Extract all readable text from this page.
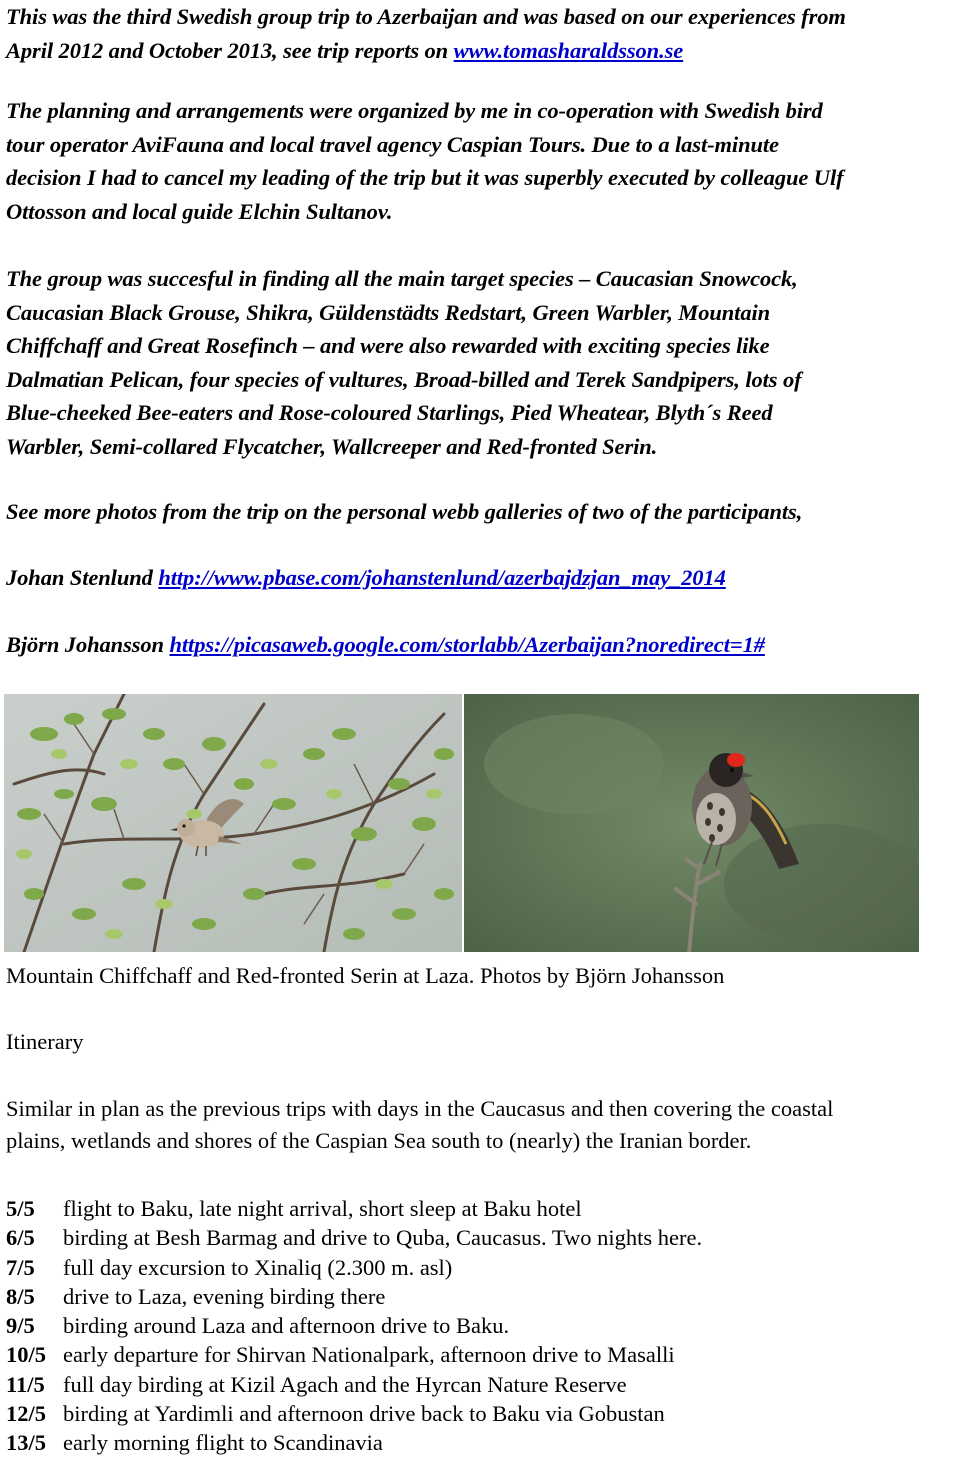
This was the third Swedish group trip to Azerbaijan and was based on our experiences from
April 2012 and October 2013, see trip reports on www.tomasharaldsson.se
The planning and arrangements were organized by me in co-operation with Swedish bird
tour operator AviFauna and local travel agency Caspian Tours. Due to a last-minute
decision I had to cancel my leading of the trip but it was superbly executed by colleague Ulf
Ottosson and local guide Elchin Sultanov.
The group was succesful in finding all the main target species – Caucasian Snowcock,
Caucasian Black Grouse, Shikra, Güldenstädts Redstart, Green Warbler, Mountain
Chiffchaff and Great Rosefinch – and were also rewarded with exciting species like
Dalmatian Pelican, four species of vultures, Broad-billed and Terek Sandpipers, lots of
Blue-cheeked Bee-eaters and Rose-coloured Starlings, Pied Wheatear, Blyth´s Reed
Warbler, Semi-collared Flycatcher, Wallcreeper and Red-fronted Serin.
See more photos from the trip on the personal webb galleries of two of the participants,
Johan Stenlund http://www.pbase.com/johanstenlund/azerbajdzjan_may_2014
Björn Johansson https://picasaweb.google.com/storlabb/Azerbaijan?noredirect=1#
Mountain Chiffchaff and Red-fronted Serin at Laza. Photos by Björn Johansson
Itinerary
Similar in plan as the previous trips with days in the Caucasus and then covering the coastal
plains, wetlands and shores of the Caspian Sea south to (nearly) the Iranian border.
5/5	flight to Baku, late night arrival, short sleep at Baku hotel
6/5	birding at Besh Barmag and drive to Quba, Caucasus. Two nights here.
7/5	full day excursion to Xinaliq (2.300 m. asl)
8/5	drive to Laza, evening birding there
9/5	birding around Laza and afternoon drive to Baku.
10/5 early departure for Shirvan Nationalpark, afternoon drive to Masalli
11/5 full day birding at Kizil Agach and the Hyrcan Nature Reserve
12/5 birding at Yardimli and afternoon drive back to Baku via Gobustan
13/5 early morning flight to Scandinavia
